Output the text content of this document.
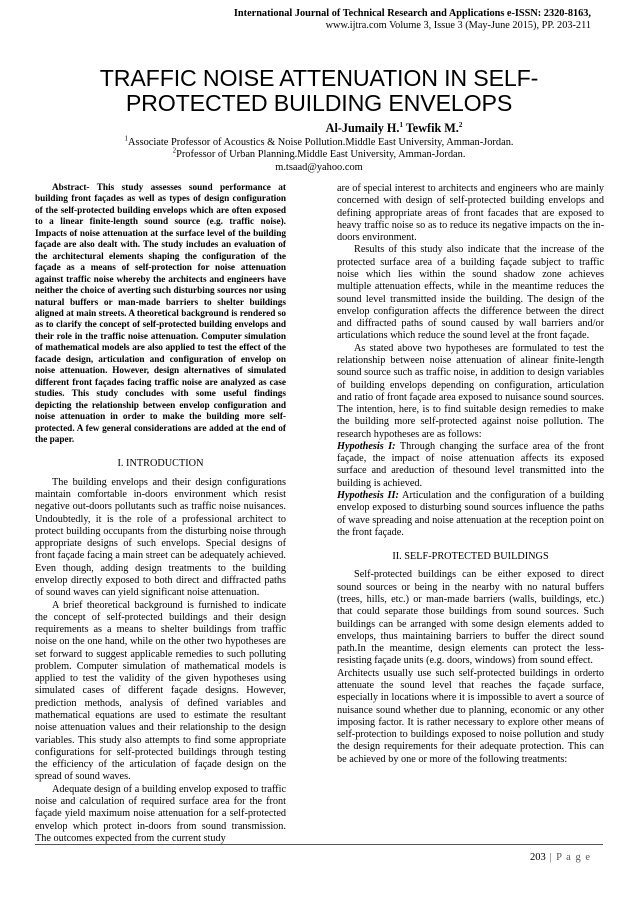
International Journal of Technical Research and Applications e-ISSN: 2320-8163,
www.ijtra.com Volume 3, Issue 3 (May-June 2015), PP. 203-211
TRAFFIC NOISE ATTENUATION IN SELF-
PROTECTED BUILDING ENVELOPS
Al-Jumaily H.$^1$ Tewfik M.$^2$
$^1$Associate Professor of Acoustics & Noise Pollution.Middle East University, Amman-Jordan.
$^2$Professor of Urban Planning.Middle East University, Amman-Jordan.
m.tsaad@yahoo.com

Abstract- This study assesses sound performance at building front façades as well as types of design configuration of the self-protected building envelops which are often exposed to a linear finite-length sound source (e.g. traffic noise). Impacts of noise attenuation at the surface level of the building façade are also dealt with. The study includes an evaluation of the architectural elements shaping the configuration of the façade as a means of self-protection for noise attenuation against traffic noise whereby the architects and engineers have neither the choice of averting such disturbing sources nor using natural buffers or man-made barriers to shelter buildings aligned at main streets. A theoretical background is rendered so as to clarify the concept of self-protected building envelops and their role in the traffic noise attenuation. Computer simulation of mathematical models are also applied to test the effect of the facade design, articulation and configuration of envelop on noise attenuation. However, design alternatives of simulated different front façades facing traffic noise are analyzed as case studies. This study concludes with some useful findings depicting the relationship between envelop configuration and noise attenuation in order to make the building more self-protected. A few general considerations are added at the end of the paper.

I. INTRODUCTION

The building envelops and their design configurations maintain comfortable in-doors environment which resist negative out-doors pollutants such as traffic noise nuisances. Undoubtedly, it is the role of a professional architect to protect building occupants from the disturbing noise through appropriate designs of such envelops. Special designs of front façade facing a main street can be adequately achieved. Even though, adding design treatments to the building envelop directly exposed to both direct and diffracted paths of sound waves can yield significant noise attenuation.

A brief theoretical background is furnished to indicate the concept of self-protected buildings and their design requirements as a means to shelter buildings from traffic noise on the one hand, while on the other two hypotheses are set forward to suggest applicable remedies to such polluting problem. Computer simulation of mathematical models is applied to test the validity of the given hypotheses using simulated cases of different façade designs. However, prediction methods, analysis of defined variables and mathematical equations are used to estimate the resultant noise attenuation values and their relationship to the design variables. This study also attempts to find some appropriate configurations for self-protected buildings through testing the efficiency of the articulation of façade design on the spread of sound waves.

Adequate design of a building envelop exposed to traffic noise and calculation of required surface area for the front façade yield maximum noise attenuation for a self-protected envelop which protect in-doors from sound transmission. The outcomes expected from the current study

are of special interest to architects and engineers who are mainly concerned with design of self-protected building envelops and defining appropriate areas of front facades that are exposed to heavy traffic noise so as to reduce its negative impacts on the in-doors environment.

Results of this study also indicate that the increase of the protected surface area of a building façade subject to traffic noise which lies within the sound shadow zone achieves multiple attenuation effects, while in the meantime reduces the sound level transmitted inside the building. The design of the envelop configuration affects the difference between the direct and diffracted paths of sound caused by wall barriers and/or articulations which reduce the sound level at the front façade.

As stated above two hypotheses are formulated to test the relationship between noise attenuation of alinear finite-length sound source such as traffic noise, in addition to design variables of building envelops depending on configuration, articulation and ratio of front façade area exposed to nuisance sound sources. The intention, here, is to find suitable design remedies to make the building more self-protected against noise pollution. The research hypotheses are as follows:

Hypothesis I: Through changing the surface area of the front façade, the impact of noise attenuation affects its exposed surface and areduction of thesound level transmitted into the building is achieved.

Hypothesis II: Articulation and the configuration of a building envelop exposed to disturbing sound sources influence the paths of wave spreading and noise attenuation at the reception point on the front façade.

II. SELF-PROTECTED BUILDINGS

Self-protected buildings can be either exposed to direct sound sources or being in the nearby with no natural buffers (trees, hills, etc.) or man-made barriers (walls, buildings, etc.) that could separate those buildings from sound sources. Such buildings can be arranged with some design elements added to envelops, thus maintaining barriers to buffer the direct sound path.In the meantime, design elements can protect the less-resisting façade units (e.g. doors, windows) from sound effect.

Architects usually use such self-protected buildings in orderto attenuate the sound level that reaches the façade surface, especially in locations where it is impossible to avert a source of nuisance sound whether due to planning, economic or any other imposing factor. It is rather necessary to explore other means of self-protection to buildings exposed to noise pollution and study the design requirements for their adequate protection. This can be achieved by one or more of the following treatments:

203 | P a g e
